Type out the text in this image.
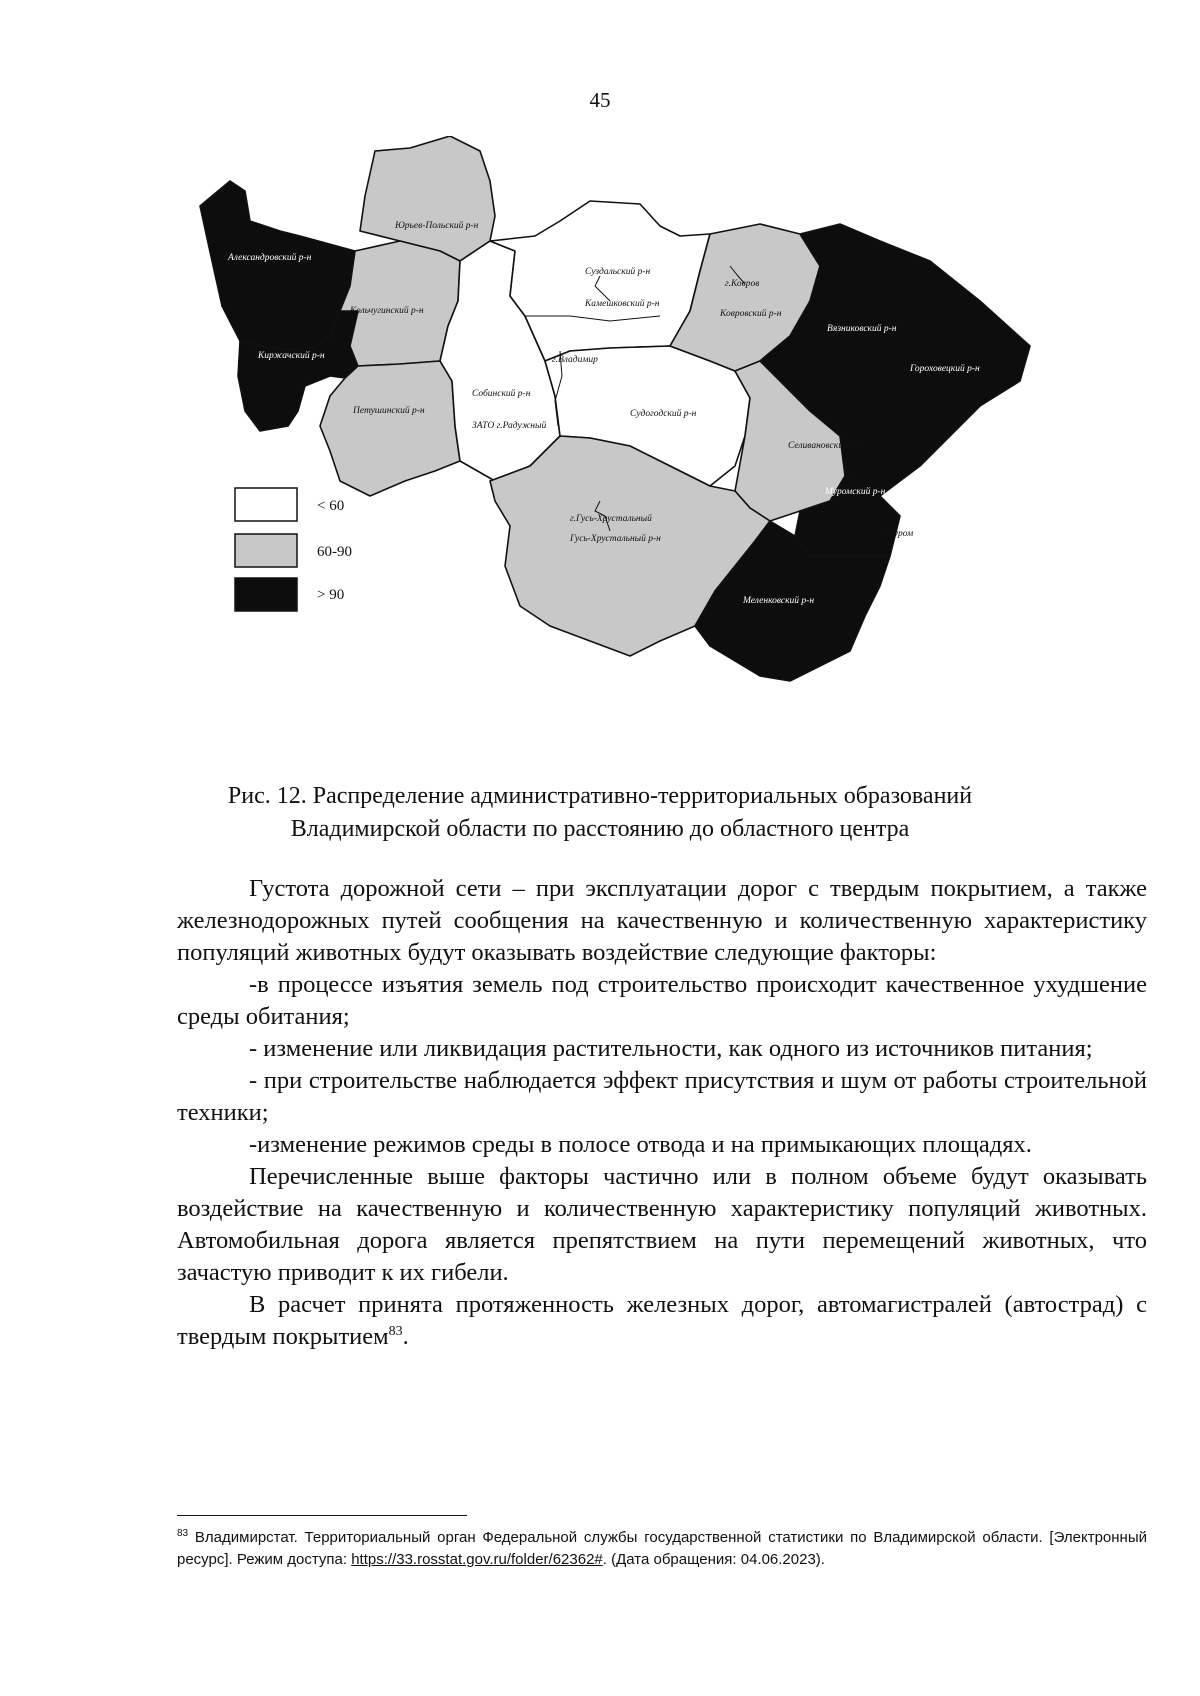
45
Юрьев-Польский р-н
Александровский р-н
Кольчугинский р-н
Киржачский р-н
Петушинский р-н
Собинский р-н
ЗАТО г.Радужный
Суздальский р-н
Камешковский р-н
г.Владимир
Судогодский р-н
г.Ковров
Ковровский р-н
Вязниковский р-н
Гороховецкий р-н
Селивановский р-н
Муромский р-н
г.Муром
г.Гусь-Хрустальный
Гусь-Хрустальный р-н
Меленковский р-н
< 60
60-90
> 90
Рис. 12. Распределение административно-территориальных образований
Владимирской области по расстоянию до областного центра

Густота дорожной сети – при эксплуатации дорог с твердым покрытием, а также железнодорожных путей сообщения на качественную и количественную характеристику популяций животных будут оказывать воздействие следующие факторы:

-в процессе изъятия земель под строительство происходит качественное ухудшение среды обитания;

- изменение или ликвидация растительности, как одного из источников питания;

- при строительстве наблюдается эффект присутствия и шум от работы строительной техники;

-изменение режимов среды в полосе отвода и на примыкающих площадях.

Перечисленные выше факторы частично или в полном объеме будут оказывать воздействие на качественную и количественную характеристику популяций животных. Автомобильная дорога является препятствием на пути перемещений животных, что зачастую приводит к их гибели.

В расчет принята протяженность железных дорог, автомагистралей (автострад) с твердым покрытием$^{83}$.

$^{83}$ Владимирстат. Территориальный орган Федеральной службы государственной статистики по Владимирской области. [Электронный ресурс]. Режим доступа: https://33.rosstat.gov.ru/folder/62362#. (Дата обращения: 04.06.2023).
